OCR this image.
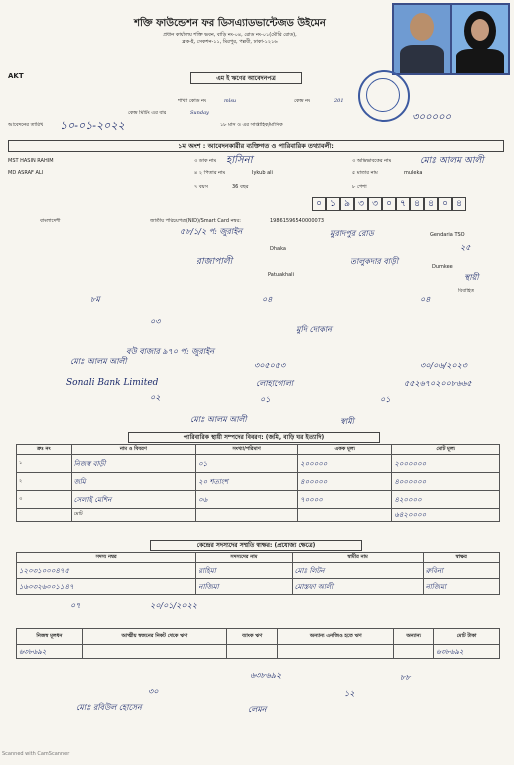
শক্তি ফাউন্ডেশন ফর ডিসএ্যাডভান্টেজড উইমেন
প্রধান কার্যালয় শক্তি ভবন, বাড়ি নং-০৪, রোড নং-০১(মৌরি রোড),
ব্লক-ই, সেকশন-১১, মিরপুর, পল্লবী, ঢাকা-১২১৬
AKT	এম ই ঋণের আবেদনপত্র
শাখা কোড নং	mlsu	কেন্দ্র নং	201
কেন্দ্র মিটিং এর বার	Sunday
আবেদনের তারিখ ১০-০১-২০২২	১৮ মাস ও এর সাপ্তাহিক/মাসিক
৩০০০০০
১ম অংশ : আবেদনকারীর ব্যক্তিগত ও পারিবারিক তথ্যাবলী:
MST HASIN RAHIM	৩ ডাক নাম হাসিনা	৩ অভিভাবকের নাম	মোঃ আলম আলী
MD ASRAF ALI	৪ ২ পিতার নাম	Iykub ali	৫ মাতার নাম	muleka
৭ বয়স	36 বছর	৮ পেশা
০ ১ ৯ ৩ ৩ ০ ৭ ৪ ৪ ০ ৪
বাংলাদেশী	জাতীয় পরিচয়পত্র(NID)/Smart Card নম্বর:	19861596540000073
৫৮/১/২ প: জুরাইন	মুরাদপুর রোড	Gendaria TSO
Dhaka	২৫
রাজাপালী	তালুকদার বাড়ী
Patuakhali
Dumkee
স্থায়ী
বিবাহিত
৮ম	০৪	০৪
০৩
মুদি দোকান
বউ বাজার ৯৭০ প: জুরাইন
মোঃ আলম আলী	৩০৫০৫৩	৩০/০৬/২০২৩
Sonali Bank Limited	লোহাগোলা	৫৫২৬৭০২০০৮৬৬৫
০২	০১	০১
মোঃ আলম আলী	স্বামী
পারিবারিক স্থায়ী সম্পদের বিবরণ: (জমি, বাড়ি ঘর ইত্যাদি)
ক্রঃ নং	নাম ও বিবরণ	সংখ্যা/পরিমাণ	একক মূল্য	মোট মূল্য
১	নিজস্ব বাড়ী	০১	২০০০০০	২০০০০০০
২	জমি	২০ শতাংশ	৪০০০০০	৪০০০০০০
৩	সেলাই মেশিন	০৬	৭০০০০	৪২০০০০
	মোট			৬৪২০০০০
কেন্দ্রের সদস্যদের সম্মতি স্বাক্ষর: (প্রযোজ্য ক্ষেত্রে)
সদস্য নম্বর	সদস্যদের নাম	স্বামীর নাম	স্বাক্ষর
১২০৩১০০০৪৭৫	রাহিমা	মোঃ লিটন	রুবিনা
১৬০৩২৬০০১১৪৭	নাজিমা	মোস্তফা আলী	নাজিমা
০৭	২০/০১/২০২২
নিজস্ব মূলধন	আত্মীয় স্বজনের নিকট থেকে ঋণ	ব্যাংক ঋণ	অন্যান্য এনজিও হতে ঋণ	অন্যান্য	মোট টাকা
৬৩৮৬৯২					৬৩৮৬৯২
৬৩৮৬৯২	৮৮
৩০	১২
মোঃ রবিউল হোসেন	লেমন
Scanned with CamScanner
